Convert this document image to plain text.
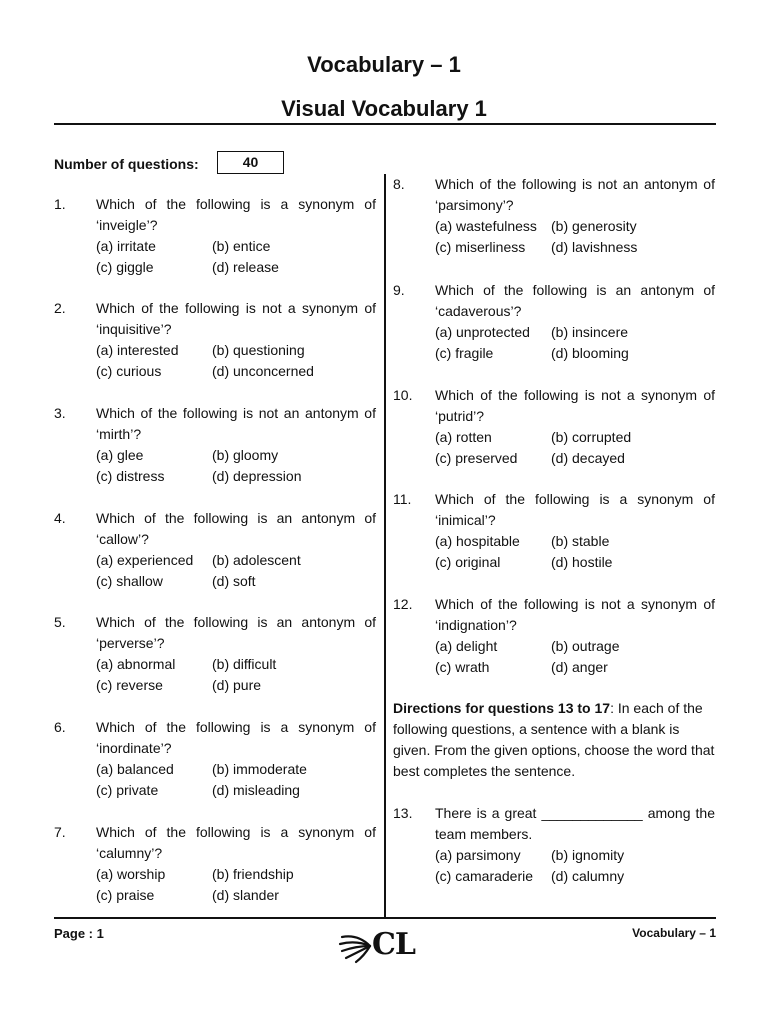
Vocabulary – 1
Visual Vocabulary 1
Number of questions:	40
1. Which of the following is a synonym of ‘inveigle’?
(a) irritate	(b) entice
(c) giggle	(d) release
2. Which of the following is not a synonym of ‘inquisitive’?
(a) interested	(b) questioning
(c) curious	(d) unconcerned
3. Which of the following is not an antonym of ‘mirth’?
(a) glee	(b) gloomy
(c) distress	(d) depression
4. Which of the following is an antonym of ‘callow’?
(a) experienced	(b) adolescent
(c) shallow	(d) soft
5. Which of the following is an antonym of ‘perverse’?
(a) abnormal	(b) difficult
(c) reverse	(d) pure
6. Which of the following is a synonym of ‘inordinate’?
(a) balanced	(b) immoderate
(c) private	(d) misleading
7. Which of the following is a synonym of ‘calumny’?
(a) worship	(b) friendship
(c) praise	(d) slander
8. Which of the following is not an antonym of ‘parsimony’?
(a) wastefulness	(b) generosity
(c) miserliness	(d) lavishness
9. Which of the following is an antonym of ‘cadaverous’?
(a) unprotected	(b) insincere
(c) fragile	(d) blooming
10. Which of the following is not a synonym of ‘putrid’?
(a) rotten	(b) corrupted
(c) preserved	(d) decayed
11. Which of the following is a synonym of ‘inimical’?
(a) hospitable	(b) stable
(c) original	(d) hostile
12. Which of the following is not a synonym of ‘indignation’?
(a) delight	(b) outrage
(c) wrath	(d) anger
Directions for questions 13 to 17: In each of the following questions, a sentence with a blank is given. From the given options, choose the word that best completes the sentence.
13. There is a great _____________ among the team members.
(a) parsimony	(b) ignomity
(c) camaraderie	(d) calumny
Page : 1	CL	Vocabulary – 1
